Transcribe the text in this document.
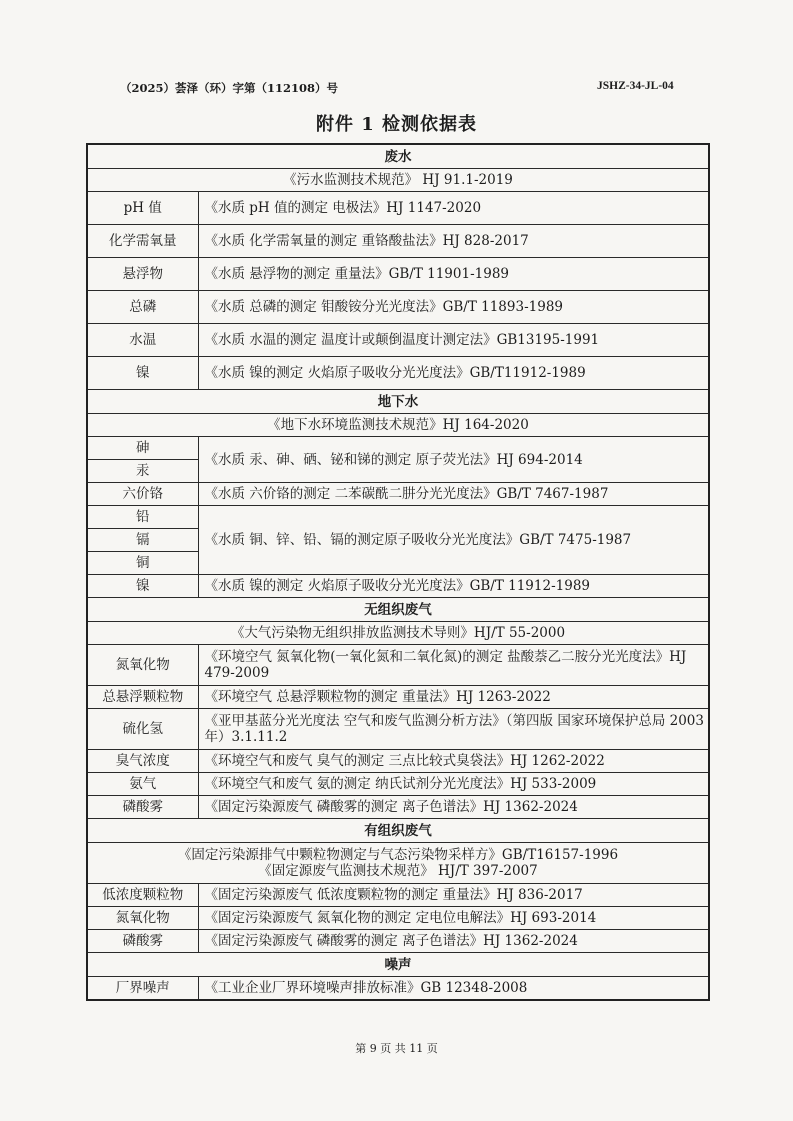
（2025）荟泽（环）字第（112108）号	JSHZ-34-JL-04
附件 1 检测依据表
废水	
《污水监测技术规范》 HJ 91.1-2019	
pH 值	《水质 pH 值的测定 电极法》HJ 1147-2020
化学需氧量	《水质 化学需氧量的测定 重铬酸盐法》HJ 828-2017
悬浮物	《水质 悬浮物的测定 重量法》GB/T 11901-1989
总磷	《水质 总磷的测定 钼酸铵分光光度法》GB/T 11893-1989
水温	《水质 水温的测定 温度计或颠倒温度计测定法》GB13195-1991
镍	《水质 镍的测定 火焰原子吸收分光光度法》GB/T11912-1989
地下水	
《地下水环境监测技术规范》HJ 164-2020	
砷	《水质 汞、砷、硒、铋和锑的测定 原子荧光法》HJ 694-2014
汞	
六价铬	《水质 六价铬的测定 二苯碳酰二肼分光光度法》GB/T 7467-1987
铅	《水质 铜、锌、铅、镉的测定原子吸收分光光度法》GB/T 7475-1987
镉	
铜	
镍	《水质 镍的测定 火焰原子吸收分光光度法》GB/T 11912-1989
无组织废气	
《大气污染物无组织排放监测技术导则》HJ/T 55-2000	
氮氧化物	《环境空气 氮氧化物(一氧化氮和二氧化氮)的测定 盐酸萘乙二胺分光光度法》HJ 479-2009
总悬浮颗粒物	《环境空气 总悬浮颗粒物的测定 重量法》HJ 1263-2022
硫化氢	《亚甲基蓝分光光度法 空气和废气监测分析方法》（第四版 国家环境保护总局 2003 年）3.1.11.2
臭气浓度	《环境空气和废气 臭气的测定 三点比较式臭袋法》HJ 1262-2022
氨气	《环境空气和废气 氨的测定 纳氏试剂分光光度法》HJ 533-2009
磷酸雾	《固定污染源废气 磷酸雾的测定 离子色谱法》HJ 1362-2024
有组织废气	

《固定污染源排气中颗粒物测定与气态污染物采样方》GB/T16157-1996
《固定源废气监测技术规范》 HJ/T 397-2007	

低浓度颗粒物	《固定污染源废气 低浓度颗粒物的测定 重量法》HJ 836-2017
氮氧化物	《固定污染源废气 氮氧化物的测定 定电位电解法》HJ 693-2014
磷酸雾	《固定污染源废气 磷酸雾的测定 离子色谱法》HJ 1362-2024
噪声	
厂界噪声	《工业企业厂界环境噪声排放标准》GB 12348-2008
第 9 页 共 11 页
